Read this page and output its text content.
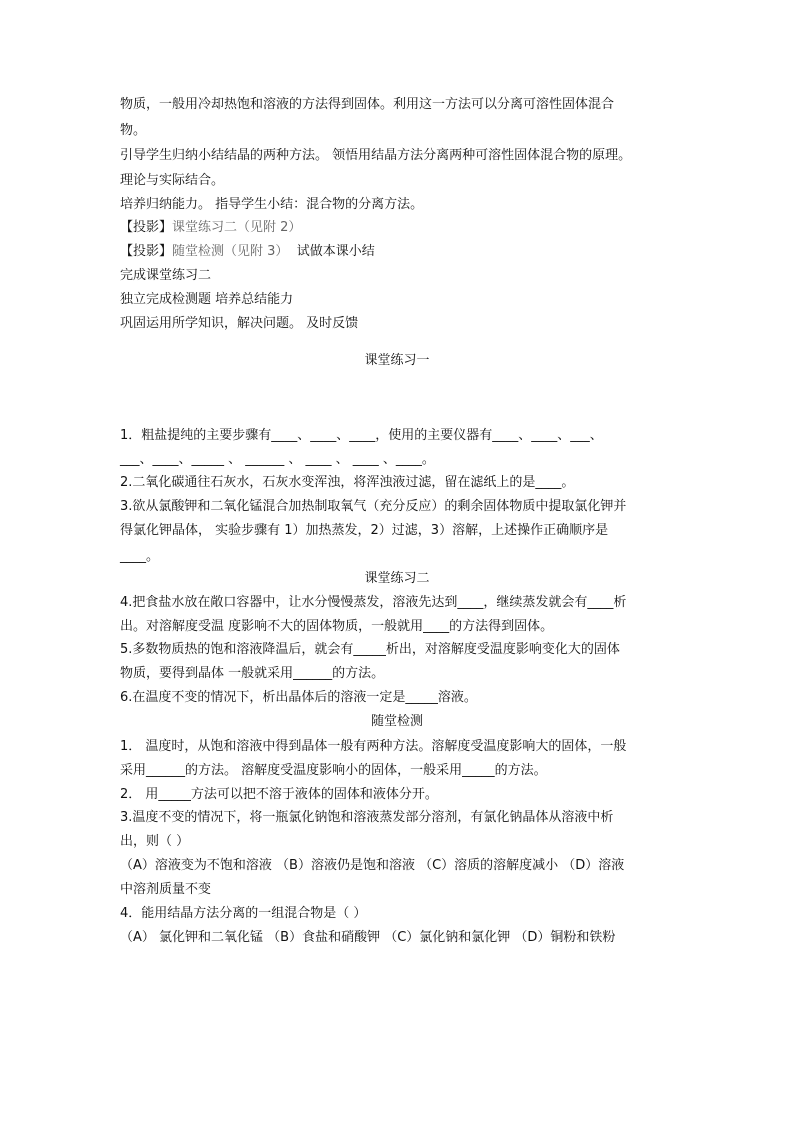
物质，一般用冷却热饱和溶液的方法得到固体。利用这一方法可以分离可溶性固体混合
物。
引导学生归纳小结结晶的两种方法。 领悟用结晶方法分离两种可溶性固体混合物的原理。
理论与实际结合。
培养归纳能力。 指导学生小结：混合物的分离方法。
【投影】课堂练习二（见附 2）
【投影】随堂检测（见附 3） 试做本课小结
完成课堂练习二
独立完成检测题 培养总结能力
巩固运用所学知识，解决问题。 及时反馈
课堂练习一
1．粗盐提纯的主要步骤有____、____、____，使用的主要仪器有____、____、___、
___、____、_____ 、 ______ 、 ____ 、 ____ 、____。
2.二氧化碳通往石灰水，石灰水变浑浊，将浑浊液过滤，留在滤纸上的是____。
3.欲从氯酸钾和二氧化锰混合加热制取氧气（充分反应）的剩余固体物质中提取氯化钾并
得氯化钾晶体， 实验步骤有 1）加热蒸发，2）过滤，3）溶解，上述操作正确顺序是
____。
课堂练习二
4.把食盐水放在敞口容器中，让水分慢慢蒸发，溶液先达到____，继续蒸发就会有____析
出。对溶解度受温 度影响不大的固体物质，一般就用____的方法得到固体。
5.多数物质热的饱和溶液降温后，就会有_____析出，对溶解度受温度影响变化大的固体
物质，要得到晶体 一般就采用______的方法。
6.在温度不变的情况下，析出晶体后的溶液一定是_____溶液。
随堂检测
1． 温度时，从饱和溶液中得到晶体一般有两种方法。溶解度受温度影响大的固体，一般
采用______的方法。 溶解度受温度影响小的固体，一般采用_____的方法。
2． 用_____方法可以把不溶于液体的固体和液体分开。
3.温度不变的情况下，将一瓶氯化钠饱和溶液蒸发部分溶剂，有氯化钠晶体从溶液中析
出，则（ ）
（A）溶液变为不饱和溶液 （B）溶液仍是饱和溶液 （C）溶质的溶解度减小 （D）溶液
中溶剂质量不变
4．能用结晶方法分离的一组混合物是（ ）
（A） 氯化钾和二氧化锰 （B）食盐和硝酸钾 （C）氯化钠和氯化钾 （D）铜粉和铁粉
